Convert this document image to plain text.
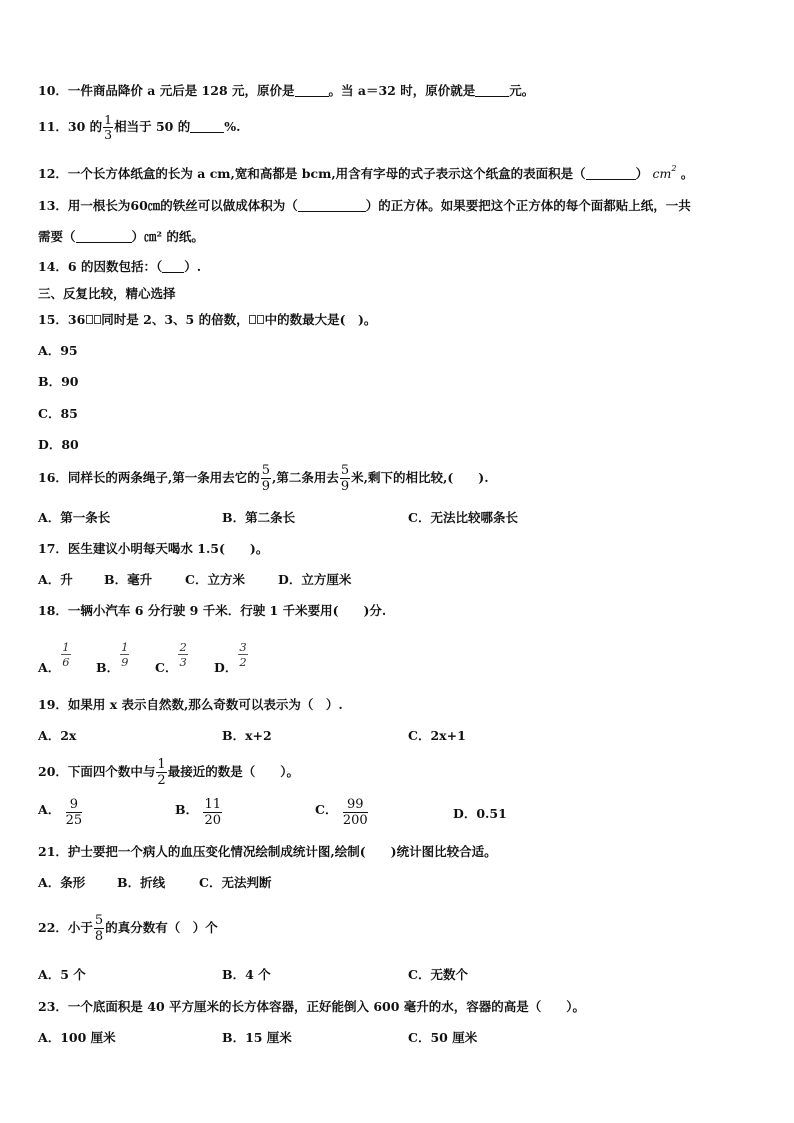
10．一件商品降价 a 元后是 128 元，原价是	。当 a＝32 时，原价就是	元。
11．30 的 $\frac{1}{3}$ 相当于 50 的	%.
12．一个长方体纸盒的长为 a cm,宽和高都是 bcm,用含有字母的式子表示这个纸盒的表面积是（	） $cm^2$ 。
13．用一根长为60㎝的铁丝可以做成体积为（	）的正方体。如果要把这个正方体的每个面都贴上纸，一共
需要（	）㎝² 的纸。
14．6 的因数包括：（ ）.
三、反复比较，精心选择
15．36 同时是 2、3、5 的倍数， 中的数最大是(　)。
A．95
B．90
C．85
D．80
16．同样长的两条绳子,第一条用去它的 $\frac{5}{9}$ ,第二条用去 $\frac{5}{9}$ 米,剩下的相比较,(　　).
A．第一条长	B．第二条长	C．无法比较哪条长
17．医生建议小明每天喝水 1.5(　　)。
A．升	B．毫升	C．立方米	D．立方厘米
18．一辆小汽车 6 分行驶 9 千米．行驶 1 千米要用(　　)分.
A． $\frac{1}{6}$ B． $\frac{1}{9}$ C． $\frac{2}{3}$ D． $\frac{3}{2}$
19．如果用 x 表示自然数,那么奇数可以表示为（　）.
A．2x	B．x+2	C．2x+1
20．下面四个数中与 $\frac{1}{2}$ 最接近的数是（　　）。
A． $\frac{9}{25}$	B． $\frac{11}{20}$	C． $\frac{99}{200}$	D．0.51
21．护士要把一个病人的血压变化情况绘制成统计图,绘制(　　)统计图比较合适。
A．条形	B．折线	C．无法判断
22．小于 $\frac{5}{8}$ 的真分数有（　）个
A．5 个	B．4 个	C．无数个
23．一个底面积是 40 平方厘米的长方体容器，正好能倒入 600 毫升的水，容器的高是（　　）。
A．100 厘米	B．15 厘米	C．50 厘米
